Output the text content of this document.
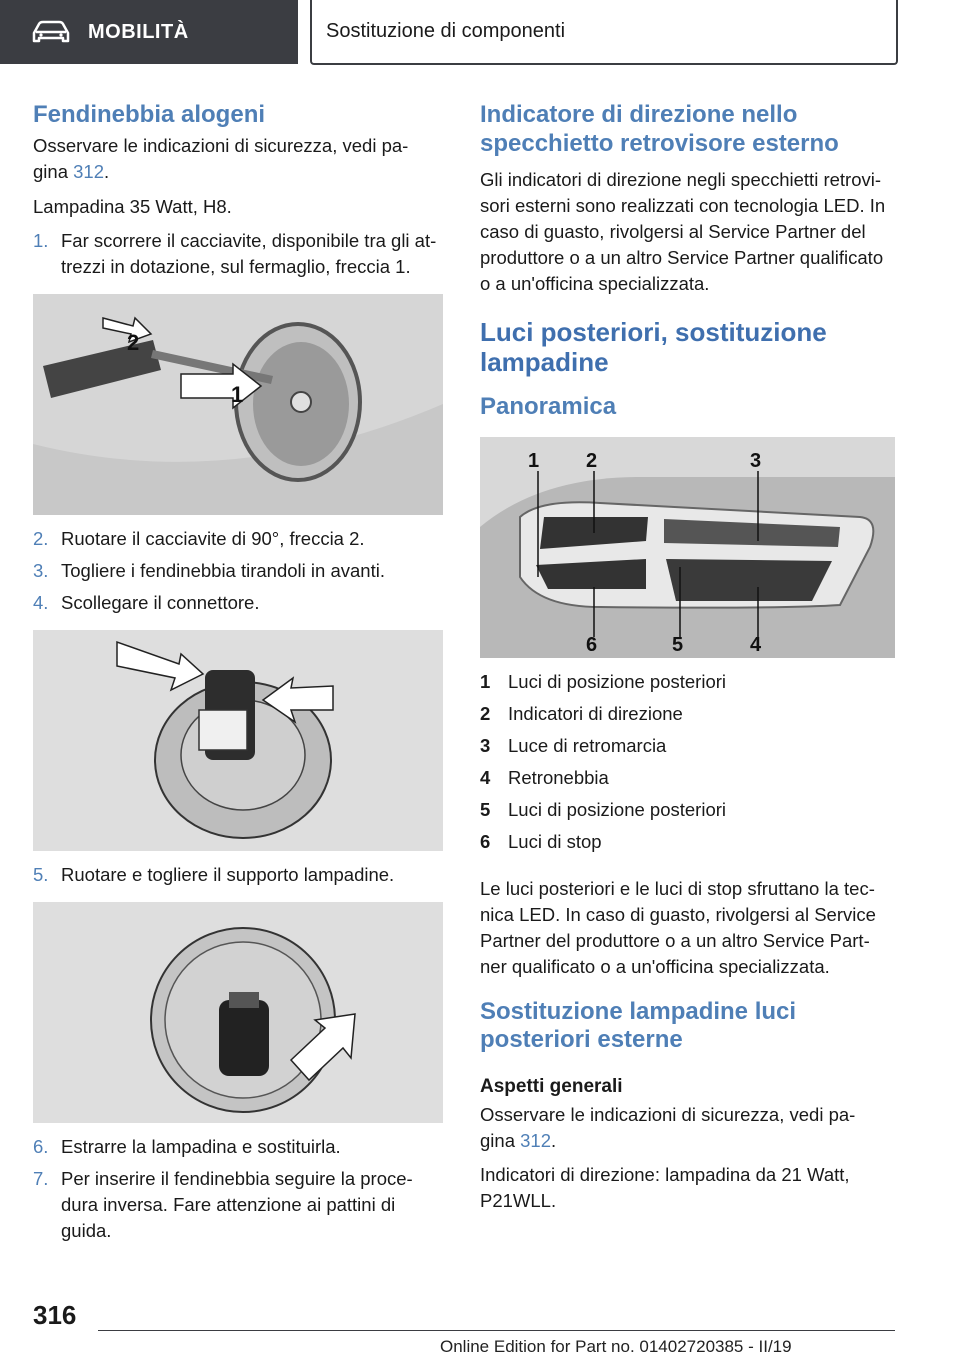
MOBILITÀ	Sostituzione di componenti
Fendinebbia alogeni

Osservare le indicazioni di sicurezza, vedi pa-
gina 312.

Lampadina 35 Watt, H8.

1. Far scorrere il cacciavite, disponibile tra gli at-
trezzi in dotazione, sul fermaglio, freccia 1.
2
1
2. Ruotare il cacciavite di 90°, freccia 2.
3. Togliere i fendinebbia tirandoli in avanti.
4. Scollegare il connettore.
5. Ruotare e togliere il supporto lampadine.
6. Estrarre la lampadina e sostituirla.
7. Per inserire il fendinebbia seguire la proce-
dura inversa. Fare attenzione ai pattini di
guida.
Indicatore di direzione nello
specchietto retrovisore esterno

Gli indicatori di direzione negli specchietti retrovi-
sori esterni sono realizzati con tecnologia LED. In
caso di guasto, rivolgersi al Service Partner del
produttore o a un altro Service Partner qualificato
o a un'officina specializzata.

Luci posteriori, sostituzione
lampadine
Panoramica
1 2	3
6	5	4
1 Luci di posizione posteriori
2 Indicatori di direzione
3 Luce di retromarcia
4 Retronebbia
5 Luci di posizione posteriori
6 Luci di stop

Le luci posteriori e le luci di stop sfruttano la tec-
nica LED. In caso di guasto, rivolgersi al Service
Partner del produttore o a un altro Service Part-
ner qualificato o a un'officina specializzata.

Sostituzione lampadine luci
posteriori esterne
Aspetti generali

Osservare le indicazioni di sicurezza, vedi pa-
gina 312.

Indicatori di direzione: lampadina da 21 Watt,
P21WLL.

316
Online Edition for Part no. 01402720385 - II/19
